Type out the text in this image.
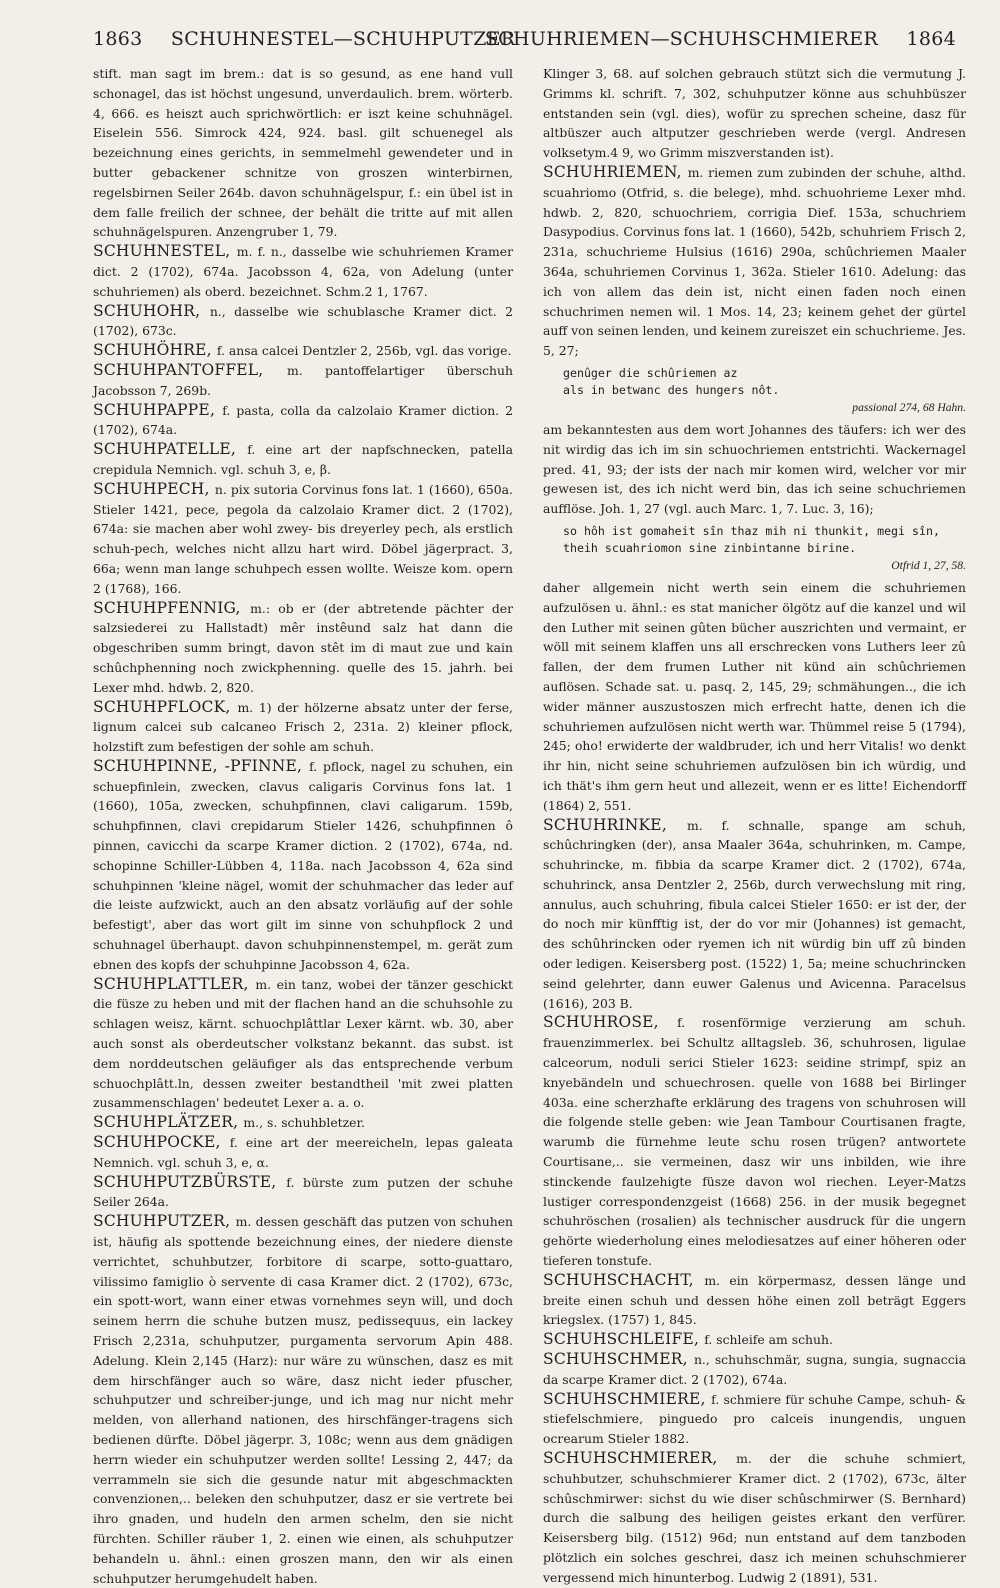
1863 SCHUHNESTEL—SCHUHPUTZER
SCHUHRIEMEN—SCHUHSCHMIERER 1864

stift. man sagt im brem.: dat is so gesund, as ene hand vull schonagel, das ist höchst ungesund, unverdaulich. brem. wörterb. 4, 666. es heiszt auch sprichwörtlich: er iszt keine schuhnägel. Eiselein 556. Simrock 424, 924. basl. gilt schuenegel als bezeichnung eines gerichts, in semmelmehl gewendeter und in butter gebackener schnitze von groszen winterbirnen, regelsbirnen Seiler 264b. davon schuhnägelspur, f.: ein übel ist in dem falle freilich der schnee, der behält die tritte auf mit allen schuhnägelspuren. Anzengruber 1, 79.

SCHUHNESTEL, m. f. n., dasselbe wie schuhriemen Kramer dict. 2 (1702), 674a. Jacobsson 4, 62a, von Adelung (unter schuhriemen) als oberd. bezeichnet. Schm.2 1, 1767.

SCHUHOHR, n., dasselbe wie schublasche Kramer dict. 2 (1702), 673c.

SCHUHÖHRE, f. ansa calcei Dentzler 2, 256b, vgl. das vorige.

SCHUHPANTOFFEL, m. pantoffelartiger überschuh Jacobsson 7, 269b.

SCHUHPAPPE, f. pasta, colla da calzolaio Kramer diction. 2 (1702), 674a.

SCHUHPATELLE, f. eine art der napfschnecken, patella crepidula Nemnich. vgl. schuh 3, e, β.

SCHUHPECH, n. pix sutoria Corvinus fons lat. 1 (1660), 650a. Stieler 1421, pece, pegola da calzolaio Kramer dict. 2 (1702), 674a: sie machen aber wohl zwey- bis dreyerley pech, als erstlich schuh-pech, welches nicht allzu hart wird. Döbel jägerpract. 3, 66a; wenn man lange schuhpech essen wollte. Weisze kom. opern 2 (1768), 166.

SCHUHPFENNIG, m.: ob er (der abtretende pächter der salzsiederei zu Hallstadt) mêr instêund salz hat dann die obgeschriben summ bringt, davon stêt im di maut zue und kain schûchphenning noch zwickphenning. quelle des 15. jahrh. bei Lexer mhd. hdwb. 2, 820.

SCHUHPFLOCK, m. 1) der hölzerne absatz unter der ferse, lignum calcei sub calcaneo Frisch 2, 231a. 2) kleiner pflock, holzstift zum befestigen der sohle am schuh.

SCHUHPINNE, -PFINNE, f. pflock, nagel zu schuhen, ein schuepfinlein, zwecken, clavus caligaris Corvinus fons lat. 1 (1660), 105a, zwecken, schuhpfinnen, clavi caligarum. 159b, schuhpfinnen, clavi crepidarum Stieler 1426, schuhpfinnen ô pinnen, cavicchi da scarpe Kramer diction. 2 (1702), 674a, nd. schopinne Schiller-Lübben 4, 118a. nach Jacobsson 4, 62a sind schuhpinnen 'kleine nägel, womit der schuhmacher das leder auf die leiste aufzwickt, auch an den absatz vorläufig auf der sohle befestigt', aber das wort gilt im sinne von schuhpflock 2 und schuhnagel überhaupt. davon schuhpinnenstempel, m. gerät zum ebnen des kopfs der schuhpinne Jacobsson 4, 62a.

SCHUHPLATTLER, m. ein tanz, wobei der tänzer geschickt die füsze zu heben und mit der flachen hand an die schuhsohle zu schlagen weisz, kärnt. schuochplâttlar Lexer kärnt. wb. 30, aber auch sonst als oberdeutscher volkstanz bekannt. das subst. ist dem norddeutschen geläufiger als das entsprechende verbum schuochplâtt.ln, dessen zweiter bestandtheil 'mit zwei platten zusammenschlagen' bedeutet Lexer a. a. o.

SCHUHPLÄTZER, m., s. schuhbletzer.

SCHUHPOCKE, f. eine art der meereicheln, lepas galeata Nemnich. vgl. schuh 3, e, α.

SCHUHPUTZBÜRSTE, f. bürste zum putzen der schuhe Seiler 264a.

SCHUHPUTZER, m. dessen geschäft das putzen von schuhen ist, häufig als spottende bezeichnung eines, der niedere dienste verrichtet, schuhbutzer, forbitore di scarpe, sotto-guattaro, vilissimo famiglio ò servente di casa Kramer dict. 2 (1702), 673c, ein spott-wort, wann einer etwas vornehmes seyn will, und doch seinem herrn die schuhe butzen musz, pedissequus, ein lackey Frisch 2,231a, schuhputzer, purgamenta servorum Apin 488. Adelung. Klein 2,145 (Harz): nur wäre zu wünschen, dasz es mit dem hirschfänger auch so wäre, dasz nicht ieder pfuscher, schuhputzer und schreiber-junge, und ich mag nur nicht mehr melden, von allerhand nationen, des hirschfänger-tragens sich bedienen dürfte. Döbel jägerpr. 3, 108c; wenn aus dem gnädigen herrn wieder ein schuhputzer werden sollte! Lessing 2, 447; da verrammeln sie sich die gesunde natur mit abgeschmackten convenzionen,.. beleken den schuhputzer, dasz er sie vertrete bei ihro gnaden, und hudeln den armen schelm, den sie nicht fürchten. Schiller räuber 1, 2. einen wie einen, als schuhputzer behandeln u. ähnl.: einen groszen mann, den wir als einen schuhputzer herumgehudelt haben.

Klinger 3, 68. auf solchen gebrauch stützt sich die vermutung J. Grimms kl. schrift. 7, 302, schuhputzer könne aus schuhbüszer entstanden sein (vgl. dies), wofür zu sprechen scheine, dasz für altbüszer auch altputzer geschrieben werde (vergl. Andresen volksetym.4 9, wo Grimm miszverstanden ist).

SCHUHRIEMEN, m. riemen zum zubinden der schuhe, althd. scuahriomo (Otfrid, s. die belege), mhd. schuohrieme Lexer mhd. hdwb. 2, 820, schuochriem, corrigia Dief. 153a, schuchriem Dasypodius. Corvinus fons lat. 1 (1660), 542b, schuhriem Frisch 2, 231a, schuchrieme Hulsius (1616) 290a, schûchriemen Maaler 364a, schuhriemen Corvinus 1, 362a. Stieler 1610. Adelung: das ich von allem das dein ist, nicht einen faden noch einen schuchrimen nemen wil. 1 Mos. 14, 23; keinem gehet der gürtel auff von seinen lenden, und keinem zureiszet ein schuchrieme. Jes. 5, 27;

genûger die schûriemen az
als in betwanc des hungers nôt.
passional 274, 68 Hahn.

am bekanntesten aus dem wort Johannes des täufers: ich wer des nit wirdig das ich im sin schuochriemen entstrichti. Wackernagel pred. 41, 93; der ists der nach mir komen wird, welcher vor mir gewesen ist, des ich nicht werd bin, das ich seine schuchriemen aufflöse. Joh. 1, 27 (vgl. auch Marc. 1, 7. Luc. 3, 16);

so hôh ist gomaheit sîn thaz mih ni thunkit, megi sîn,
theih scuahriomon sine zinbintanne birine.
Otfrid 1, 27, 58.

daher allgemein nicht werth sein einem die schuhriemen aufzulösen u. ähnl.: es stat manicher ölgötz auf die kanzel und wil den Luther mit seinen gûten bücher auszrichten und vermaint, er wöll mit seinem klaffen uns all erschrecken vons Luthers leer zû fallen, der dem frumen Luther nit künd ain schûchriemen auflösen. Schade sat. u. pasq. 2, 145, 29; schmähungen.., die ich wider männer auszustoszen mich erfrecht hatte, denen ich die schuhriemen aufzulösen nicht werth war. Thümmel reise 5 (1794), 245; oho! erwiderte der waldbruder, ich und herr Vitalis! wo denkt ihr hin, nicht seine schuhriemen aufzulösen bin ich würdig, und ich thät's ihm gern heut und allezeit, wenn er es litte! Eichendorff (1864) 2, 551.

SCHUHRINKE, m. f. schnalle, spange am schuh, schûchringken (der), ansa Maaler 364a, schuhrinken, m. Campe, schuhrincke, m. fibbia da scarpe Kramer dict. 2 (1702), 674a, schuhrinck, ansa Dentzler 2, 256b, durch verwechslung mit ring, annulus, auch schuhring, fibula calcei Stieler 1650: er ist der, der do noch mir künfftig ist, der do vor mir (Johannes) ist gemacht, des schûhrincken oder ryemen ich nit würdig bin uff zû binden oder ledigen. Keisersberg post. (1522) 1, 5a; meine schuchrincken seind gelehrter, dann euwer Galenus und Avicenna. Paracelsus (1616), 203 B.

SCHUHROSE, f. rosenförmige verzierung am schuh. frauenzimmerlex. bei Schultz alltagsleb. 36, schuhrosen, ligulae calceorum, noduli serici Stieler 1623: seidine strimpf, spiz an knyebändeln und schuechrosen. quelle von 1688 bei Birlinger 403a. eine scherzhafte erklärung des tragens von schuhrosen will die folgende stelle geben: wie Jean Tambour Courtisanen fragte, warumb die fürnehme leute schu rosen trügen? antwortete Courtisane,.. sie vermeinen, dasz wir uns inbilden, wie ihre stinckende faulzehigte füsze davon wol riechen. Leyer-Matzs lustiger correspondenzgeist (1668) 256. in der musik begegnet schuhröschen (rosalien) als technischer ausdruck für die ungern gehörte wiederholung eines melodiesatzes auf einer höheren oder tieferen tonstufe.

SCHUHSCHACHT, m. ein körpermasz, dessen länge und breite einen schuh und dessen höhe einen zoll beträgt Eggers kriegslex. (1757) 1, 845.

SCHUHSCHLEIFE, f. schleife am schuh.

SCHUHSCHMER, n., schuhschmär, sugna, sungia, sugnaccia da scarpe Kramer dict. 2 (1702), 674a.

SCHUHSCHMIERE, f. schmiere für schuhe Campe, schuh- & stiefelschmiere, pinguedo pro calceis inungendis, unguen ocrearum Stieler 1882.

SCHUHSCHMIERER, m. der die schuhe schmiert, schuhbutzer, schuhschmierer Kramer dict. 2 (1702), 673c, älter schûschmirwer: sichst du wie diser schûschmirwer (S. Bernhard) durch die salbung des heiligen geistes erkant den verfürer. Keisersberg bilg. (1512) 96d; nun entstand auf dem tanzboden plötzlich ein solches geschrei, dasz ich meinen schuhschmierer vergessend mich hinunterbog. Ludwig 2 (1891), 531.
